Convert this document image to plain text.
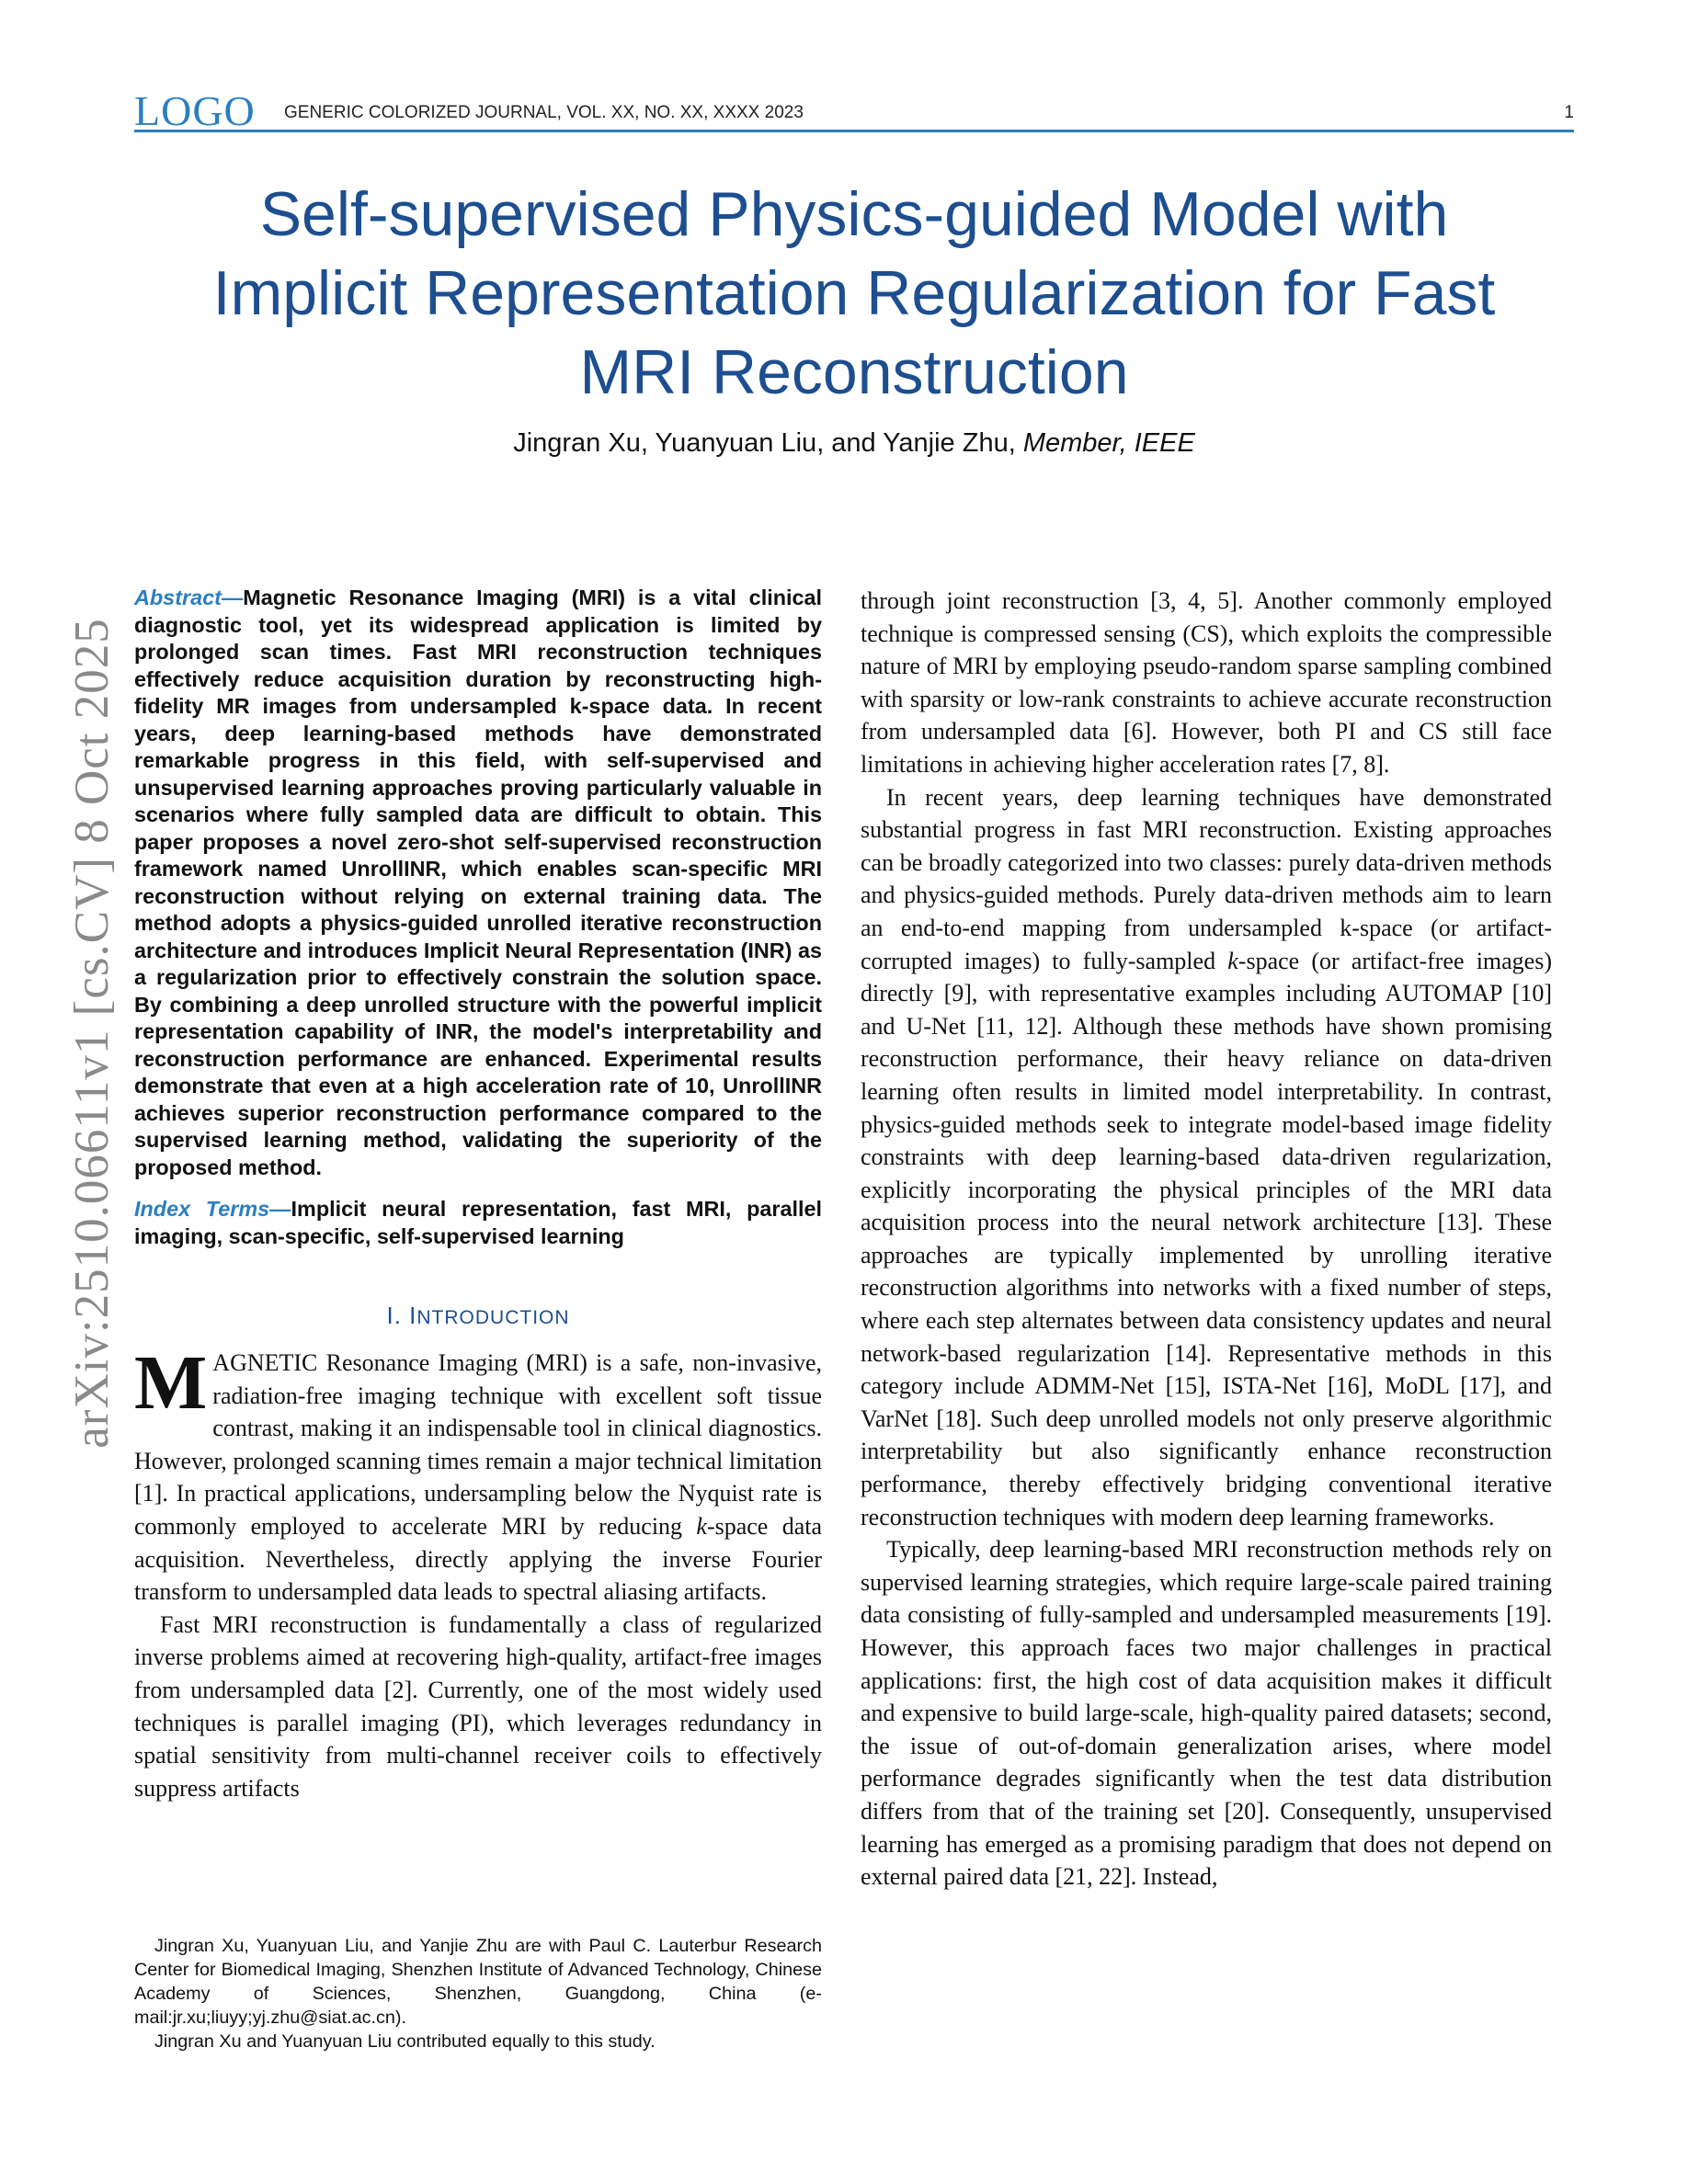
LOGO GENERIC COLORIZED JOURNAL, VOL. XX, NO. XX, XXXX 2023	1
Self-supervised Physics-guided Model with
Implicit Representation Regularization for Fast
MRI Reconstruction
Jingran Xu, Yuanyuan Liu, and Yanjie Zhu, Member, IEEE
arXiv:2510.06611v1 [cs.CV] 8 Oct 2025
Abstract—Magnetic Resonance Imaging (MRI) is a vital clinical diagnostic tool, yet its widespread application is limited by prolonged scan times. Fast MRI reconstruction techniques effectively reduce acquisition duration by reconstructing high-fidelity MR images from undersampled k-space data. In recent years, deep learning-based methods have demonstrated remarkable progress in this field, with self-supervised and unsupervised learning approaches proving particularly valuable in scenarios where fully sampled data are difficult to obtain. This paper proposes a novel zero-shot self-supervised reconstruction framework named UnrollINR, which enables scan-specific MRI reconstruction without relying on external training data. The method adopts a physics-guided unrolled iterative reconstruction architecture and introduces Implicit Neural Representation (INR) as a regularization prior to effectively constrain the solution space. By combining a deep unrolled structure with the powerful implicit representation capability of INR, the model's interpretability and reconstruction performance are enhanced. Experimental results demonstrate that even at a high acceleration rate of 10, UnrollINR achieves superior reconstruction performance compared to the supervised learning method, validating the superiority of the proposed method.
Index Terms—Implicit neural representation, fast MRI, parallel imaging, scan-specific, self-supervised learning
I. INTRODUCTION

MAGNETIC Resonance Imaging (MRI) is a safe, non-invasive, radiation-free imaging technique with excellent soft tissue contrast, making it an indispensable tool in clinical diagnostics. However, prolonged scanning times remain a major technical limitation [1]. In practical applications, undersampling below the Nyquist rate is commonly employed to accelerate MRI by reducing k-space data acquisition. Nevertheless, directly applying the inverse Fourier transform to undersampled data leads to spectral aliasing artifacts.

Fast MRI reconstruction is fundamentally a class of regularized inverse problems aimed at recovering high-quality, artifact-free images from undersampled data [2]. Currently, one of the most widely used techniques is parallel imaging (PI), which leverages redundancy in spatial sensitivity from multi-channel receiver coils to effectively suppress artifacts

through joint reconstruction [3, 4, 5]. Another commonly employed technique is compressed sensing (CS), which exploits the compressible nature of MRI by employing pseudo-random sparse sampling combined with sparsity or low-rank constraints to achieve accurate reconstruction from undersampled data [6]. However, both PI and CS still face limitations in achieving higher acceleration rates [7, 8].

In recent years, deep learning techniques have demonstrated substantial progress in fast MRI reconstruction. Existing approaches can be broadly categorized into two classes: purely data-driven methods and physics-guided methods. Purely data-driven methods aim to learn an end-to-end mapping from undersampled k-space (or artifact-corrupted images) to fully-sampled k-space (or artifact-free images) directly [9], with representative examples including AUTOMAP [10] and U-Net [11, 12]. Although these methods have shown promising reconstruction performance, their heavy reliance on data-driven learning often results in limited model interpretability. In contrast, physics-guided methods seek to integrate model-based image fidelity constraints with deep learning-based data-driven regularization, explicitly incorporating the physical principles of the MRI data acquisition process into the neural network architecture [13]. These approaches are typically implemented by unrolling iterative reconstruction algorithms into networks with a fixed number of steps, where each step alternates between data consistency updates and neural network-based regularization [14]. Representative methods in this category include ADMM-Net [15], ISTA-Net [16], MoDL [17], and VarNet [18]. Such deep unrolled models not only preserve algorithmic interpretability but also significantly enhance reconstruction performance, thereby effectively bridging conventional iterative reconstruction techniques with modern deep learning frameworks.

Typically, deep learning-based MRI reconstruction methods rely on supervised learning strategies, which require large-scale paired training data consisting of fully-sampled and undersampled measurements [19]. However, this approach faces two major challenges in practical applications: first, the high cost of data acquisition makes it difficult and expensive to build large-scale, high-quality paired datasets; second, the issue of out-of-domain generalization arises, where model performance degrades significantly when the test data distribution differs from that of the training set [20]. Consequently, unsupervised learning has emerged as a promising paradigm that does not depend on external paired data [21, 22]. Instead,

Jingran Xu, Yuanyuan Liu, and Yanjie Zhu are with Paul C. Lauterbur Research Center for Biomedical Imaging, Shenzhen Institute of Advanced Technology, Chinese Academy of Sciences, Shenzhen, Guangdong, China (e-mail:jr.xu;liuyy;yj.zhu@siat.ac.cn).

Jingran Xu and Yuanyuan Liu contributed equally to this study.
